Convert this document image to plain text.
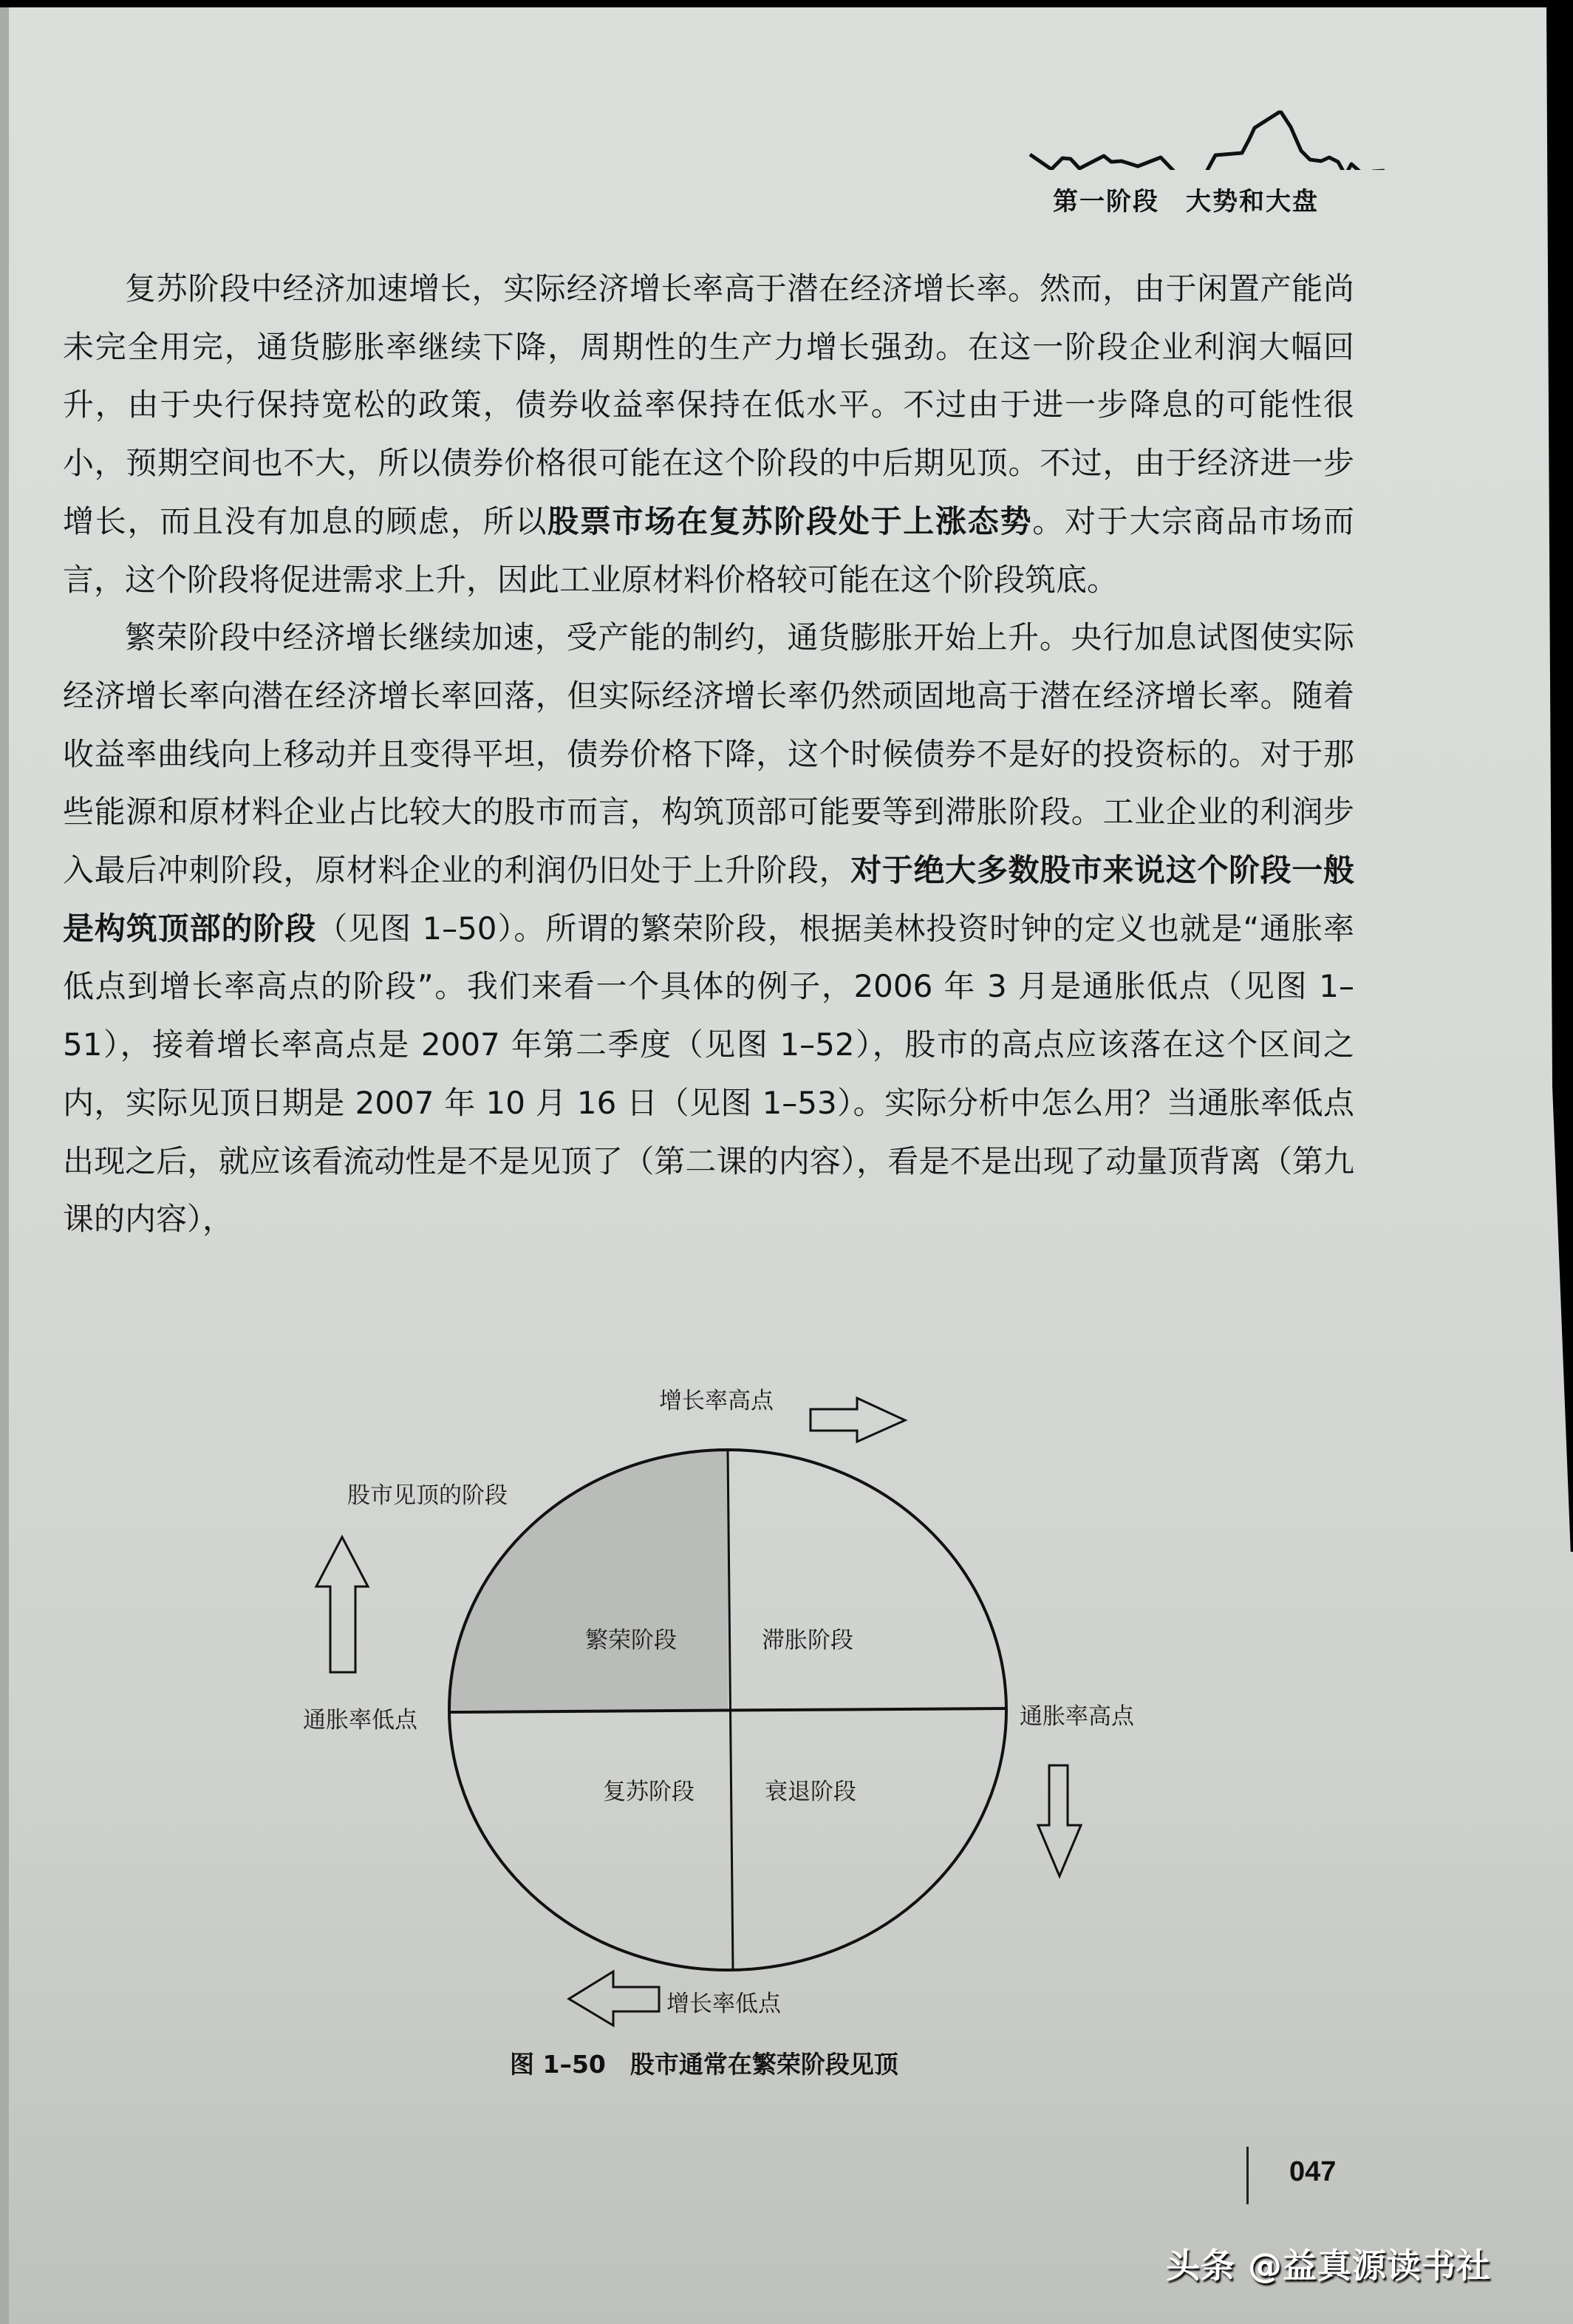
第一阶段　大势和大盘

复苏阶段中经济加速增长，实际经济增长率高于潜在经济增长率。然而，由于闲置产能尚未完全用完，通货膨胀率继续下降，周期性的生产力增长强劲。在这一阶段企业利润大幅回升，由于央行保持宽松的政策，债券收益率保持在低水平。不过由于进一步降息的可能性很小，预期空间也不大，所以债券价格很可能在这个阶段的中后期见顶。不过，由于经济进一步增长，而且没有加息的顾虑，所以股票市场在复苏阶段处于上涨态势。对于大宗商品市场而言，这个阶段将促进需求上升，因此工业原材料价格较可能在这个阶段筑底。

繁荣阶段中经济增长继续加速，受产能的制约，通货膨胀开始上升。央行加息试图使实际经济增长率向潜在经济增长率回落，但实际经济增长率仍然顽固地高于潜在经济增长率。随着收益率曲线向上移动并且变得平坦，债券价格下降，这个时候债券不是好的投资标的。对于那些能源和原材料企业占比较大的股市而言，构筑顶部可能要等到滞胀阶段。工业企业的利润步入最后冲刺阶段，原材料企业的利润仍旧处于上升阶段，对于绝大多数股市来说这个阶段一般是构筑顶部的阶段（见图 1–50）。所谓的繁荣阶段，根据美林投资时钟的定义也就是“通胀率低点到增长率高点的阶段”。我们来看一个具体的例子，2006 年 3 月是通胀低点（见图 1–51），接着增长率高点是 2007 年第二季度（见图 1–52），股市的高点应该落在这个区间之内，实际见顶日期是 2007 年 10 月 16 日（见图 1–53）。实际分析中怎么用？当通胀率低点出现之后，就应该看流动性是不是见顶了（第二课的内容），看是不是出现了动量顶背离（第九课的内容），

增长率高点
股市见顶的阶段
繁荣阶段	滞胀阶段
通胀率低点	通胀率高点
复苏阶段	衰退阶段
增长率低点
图 1–50　股市通常在繁荣阶段见顶
047
头条 @益真源读书社
